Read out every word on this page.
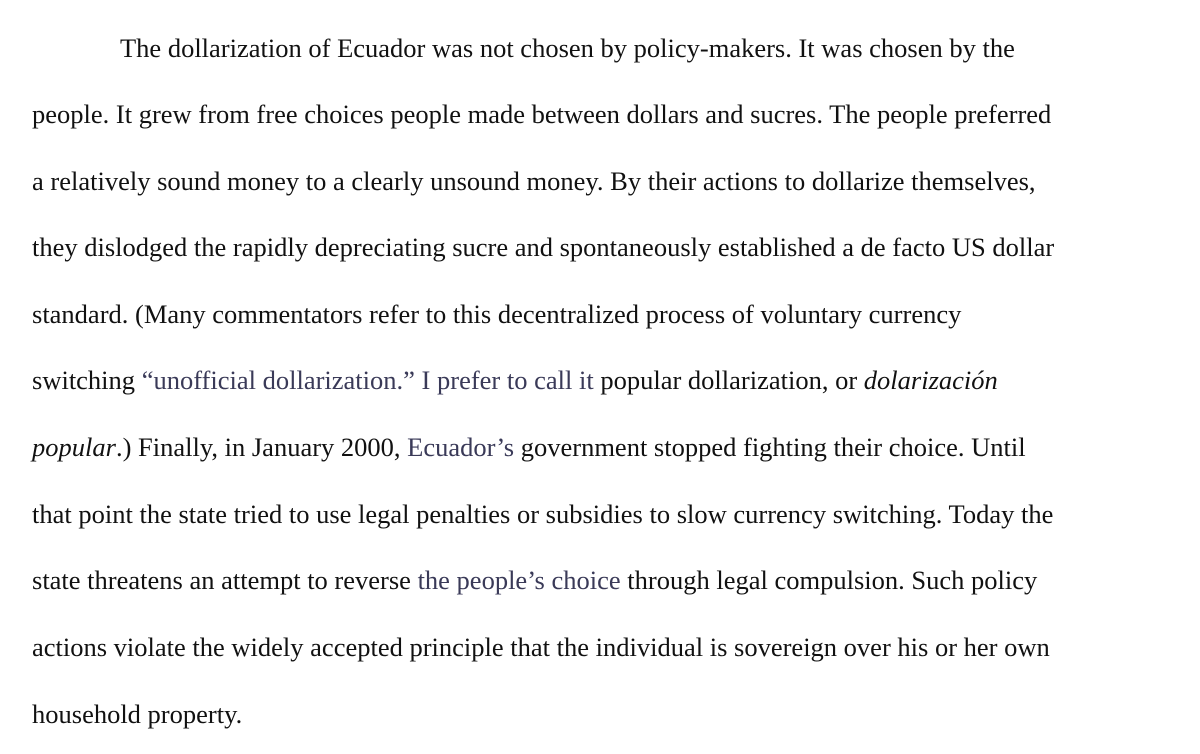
The dollarization of Ecuador was not chosen by policy-makers. It was chosen by the
people. It grew from free choices people made between dollars and sucres. The people preferred
a relatively sound money to a clearly unsound money. By their actions to dollarize themselves,
they dislodged the rapidly depreciating sucre and spontaneously established a de facto US dollar
standard. (Many commentators refer to this decentralized process of voluntary currency
switching “unofficial dollarization.” I prefer to call it popular dollarization, or dolarización
popular.) Finally, in January 2000, Ecuador’s government stopped fighting their choice. Until
that point the state tried to use legal penalties or subsidies to slow currency switching. Today the
state threatens an attempt to reverse the people’s choice through legal compulsion. Such policy
actions violate the widely accepted principle that the individual is sovereign over his or her own
household property.
